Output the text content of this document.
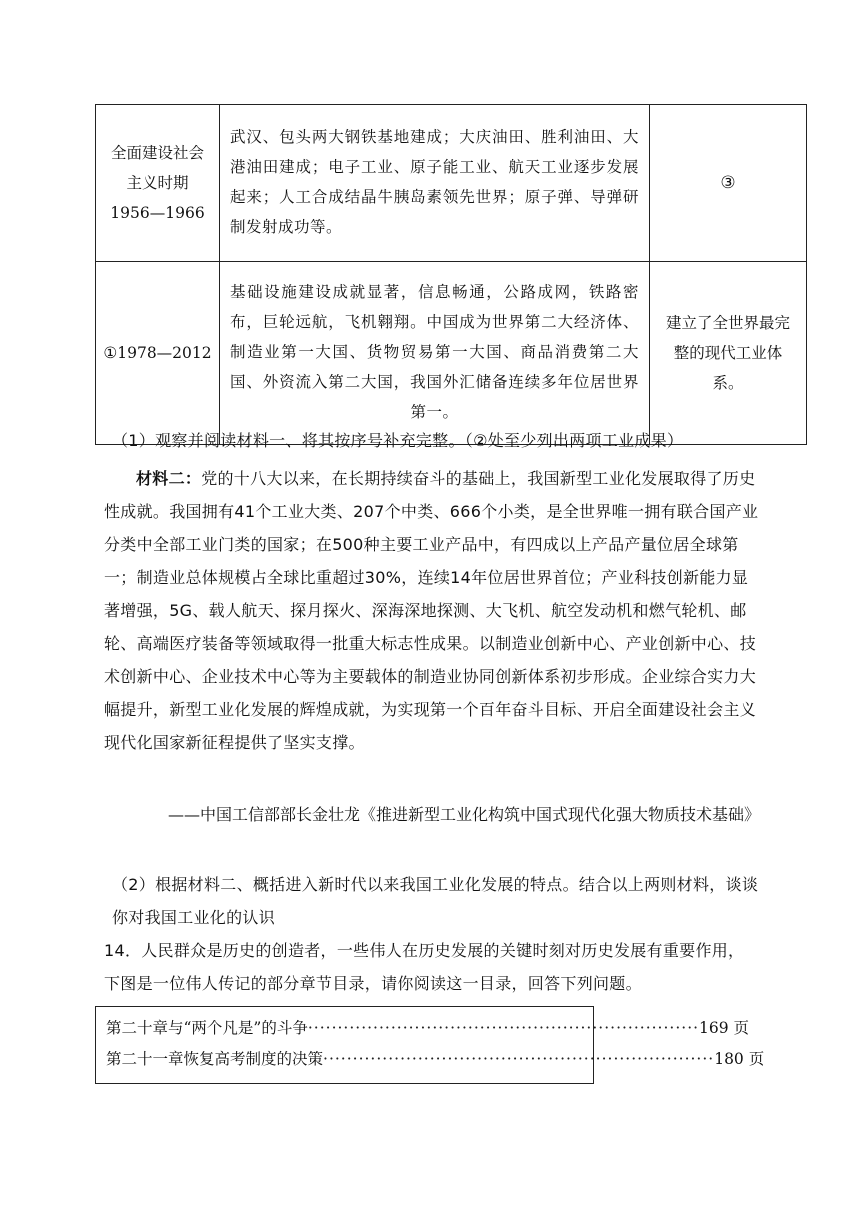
全面建设社会
主义时期
1956—1966	武汉、包头两大钢铁基地建成；大庆油田、胜利油田、大港油田建成；电子工业、原子能工业、航天工业逐步发展起来；人工合成结晶牛胰岛素领先世界；原子弹、导弹研制发射成功等。	③

①1978—2012	基础设施建设成就显著，信息畅通，公路成网，铁路密布，巨轮远航，飞机翱翔。中国成为世界第二大经济体、制造业第一大国、货物贸易第一大国、商品消费第二大国、外资流入第二大国，我国外汇储备连续多年位居世界第一。	建立了全世界最完整的现代工业体系。
（1）观察并阅读材料一、将其按序号补充完整。（②处至少列出两项工业成果）
材料二：党的十八大以来，在长期持续奋斗的基础上，我国新型工业化发展取得了历史性成就。我国拥有41个工业大类、207个中类、666个小类，是全世界唯一拥有联合国产业分类中全部工业门类的国家；在500种主要工业产品中，有四成以上产品产量位居全球第一；制造业总体规模占全球比重超过30%，连续14年位居世界首位；产业科技创新能力显著增强，5G、载人航天、探月探火、深海深地探测、大飞机、航空发动机和燃气轮机、邮轮、高端医疗装备等领域取得一批重大标志性成果。以制造业创新中心、产业创新中心、技术创新中心、企业技术中心等为主要载体的制造业协同创新体系初步形成。企业综合实力大幅提升，新型工业化发展的辉煌成就，为实现第一个百年奋斗目标、开启全面建设社会主义现代化国家新征程提供了坚实支撑。
——中国工信部部长金壮龙《推进新型工业化构筑中国式现代化强大物质技术基础》
（2）根据材料二、概括进入新时代以来我国工业化发展的特点。结合以上两则材料，谈谈你对我国工业化的认识
14．人民群众是历史的创造者，一些伟人在历史发展的关键时刻对历史发展有重要作用，下图是一位伟人传记的部分章节目录，请你阅读这一目录，回答下列问题。
第二十章与“两个凡是”的斗争 ·································································· 169 页
第二十一章恢复高考制度的决策 ·································································· 180 页
